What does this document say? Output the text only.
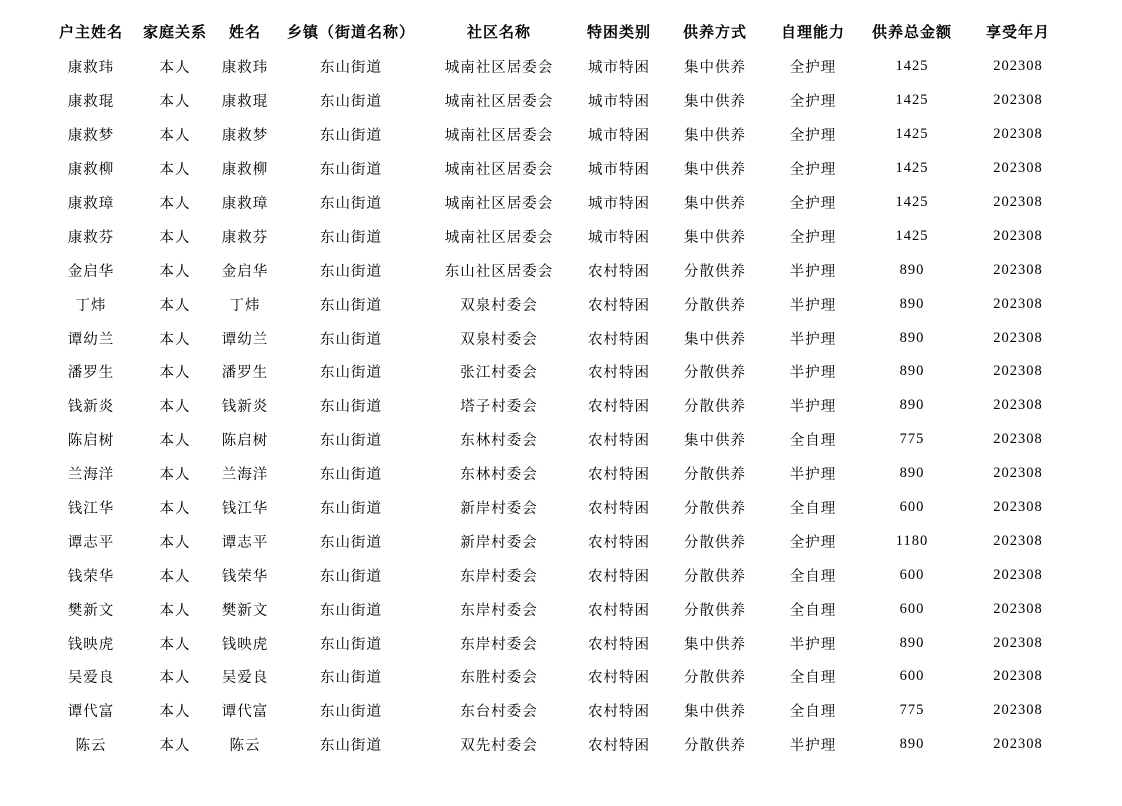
户主姓名	家庭关系	姓名	乡镇（街道名称）	社区名称	特困类别	供养方式	自理能力	供养总金额	享受年月
康救玮	本人	康救玮	东山街道	城南社区居委会	城市特困	集中供养	全护理	1425	202308
康救琨	本人	康救琨	东山街道	城南社区居委会	城市特困	集中供养	全护理	1425	202308
康救梦	本人	康救梦	东山街道	城南社区居委会	城市特困	集中供养	全护理	1425	202308
康救柳	本人	康救柳	东山街道	城南社区居委会	城市特困	集中供养	全护理	1425	202308
康救璋	本人	康救璋	东山街道	城南社区居委会	城市特困	集中供养	全护理	1425	202308
康救芬	本人	康救芬	东山街道	城南社区居委会	城市特困	集中供养	全护理	1425	202308
金启华	本人	金启华	东山街道	东山社区居委会	农村特困	分散供养	半护理	890	202308
丁炜	本人	丁炜	东山街道	双泉村委会	农村特困	分散供养	半护理	890	202308
谭幼兰	本人	谭幼兰	东山街道	双泉村委会	农村特困	集中供养	半护理	890	202308
潘罗生	本人	潘罗生	东山街道	张江村委会	农村特困	分散供养	半护理	890	202308
钱新炎	本人	钱新炎	东山街道	塔子村委会	农村特困	分散供养	半护理	890	202308
陈启树	本人	陈启树	东山街道	东林村委会	农村特困	集中供养	全自理	775	202308
兰海洋	本人	兰海洋	东山街道	东林村委会	农村特困	分散供养	半护理	890	202308
钱江华	本人	钱江华	东山街道	新岸村委会	农村特困	分散供养	全自理	600	202308
谭志平	本人	谭志平	东山街道	新岸村委会	农村特困	分散供养	全护理	1180	202308
钱荣华	本人	钱荣华	东山街道	东岸村委会	农村特困	分散供养	全自理	600	202308
樊新文	本人	樊新文	东山街道	东岸村委会	农村特困	分散供养	全自理	600	202308
钱映虎	本人	钱映虎	东山街道	东岸村委会	农村特困	集中供养	半护理	890	202308
吴爱良	本人	吴爱良	东山街道	东胜村委会	农村特困	分散供养	全自理	600	202308
谭代富	本人	谭代富	东山街道	东台村委会	农村特困	集中供养	全自理	775	202308
陈云	本人	陈云	东山街道	双先村委会	农村特困	分散供养	半护理	890	202308
